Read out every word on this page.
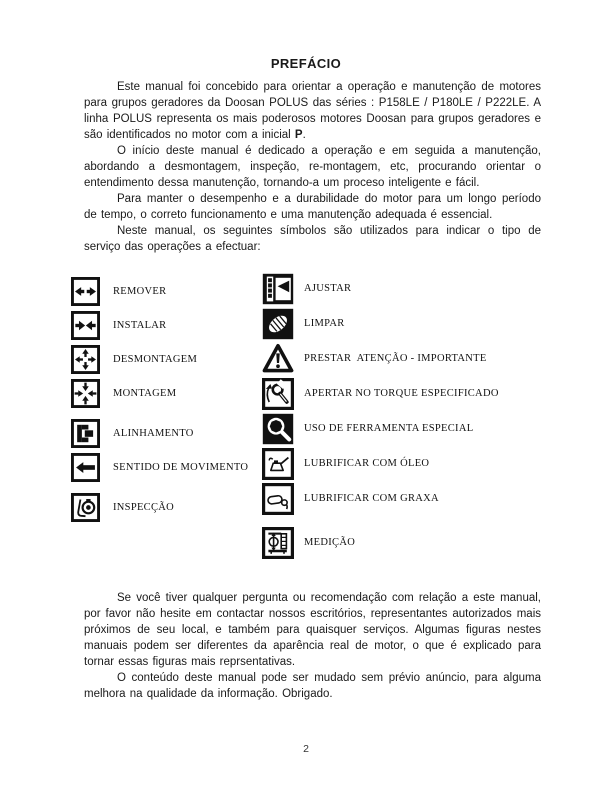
PREFÁCIO

Este manual foi concebido para orientar a operação e manutenção de motores para grupos geradores da Doosan POLUS das séries : P158LE / P180LE / P222LE. A linha POLUS representa os mais poderosos motores Doosan para grupos geradores e são identificados no motor com a inicial P.

O início deste manual é dedicado a operação e em seguida a manutenção, abordando a desmontagem, inspeção, re-montagem, etc, procurando orientar o entendimento dessa manutenção, tornando-a um proceso inteligente e fácil.

Para manter o desempenho e a durabilidade do motor para um longo período de tempo, o correto funcionamento e uma manutenção adequada é essencial.

Neste manual, os seguintes símbolos são utilizados para indicar o tipo de serviço das operações a efectuar:

REMOVER
INSTALAR
DESMONTAGEM
MONTAGEM
ALINHAMENTO
SENTIDO DE MOVIMENTO
INSPECÇÃO
AJUSTAR
LIMPAR
PRESTAR  ATENÇÃO - IMPORTANTE
APERTAR NO TORQUE ESPECIFICADO
USO DE FERRAMENTA ESPECIAL
LUBRIFICAR COM ÓLEO
LUBRIFICAR COM GRAXA
MEDIÇÃO

Se você tiver qualquer pergunta ou recomendação com relação a este manual, por favor não hesite em contactar nossos escritórios, representantes autorizados mais próximos de seu local, e também para quaisquer serviços. Algumas figuras nestes manuais podem ser diferentes da aparência real de motor, o que é explicado para tornar essas figuras mais reprsentativas.

O conteúdo deste manual pode ser mudado sem prévio anúncio, para alguma melhora na qualidade da informação. Obrigado.

2
